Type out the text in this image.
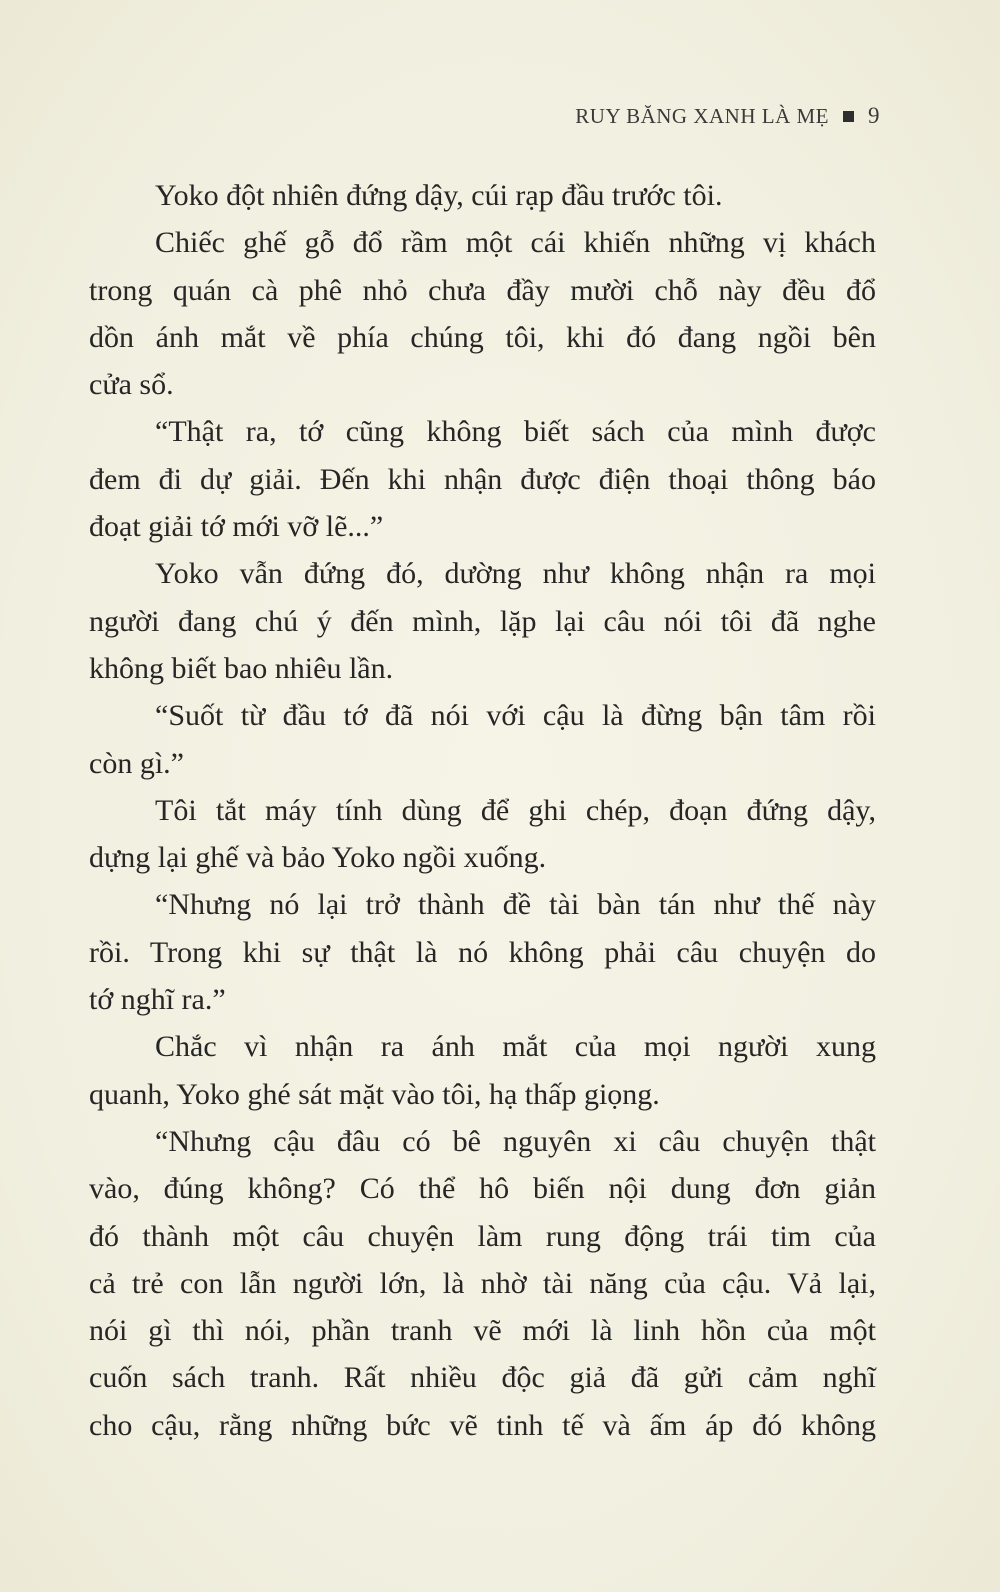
RUY BĂNG XANH LÀ MẸ 9
Yoko đột nhiên đứng dậy, cúi rạp đầu trước tôi.
Chiếc ghế gỗ đổ rầm một cái khiến những vị khách
trong quán cà phê nhỏ chưa đầy mười chỗ này đều đổ
dồn ánh mắt về phía chúng tôi, khi đó đang ngồi bên
cửa sổ.
“Thật ra, tớ cũng không biết sách của mình được
đem đi dự giải. Đến khi nhận được điện thoại thông báo
đoạt giải tớ mới vỡ lẽ...”
Yoko vẫn đứng đó, dường như không nhận ra mọi
người đang chú ý đến mình, lặp lại câu nói tôi đã nghe
không biết bao nhiêu lần.
“Suốt từ đầu tớ đã nói với cậu là đừng bận tâm rồi
còn gì.”
Tôi tắt máy tính dùng để ghi chép, đoạn đứng dậy,
dựng lại ghế và bảo Yoko ngồi xuống.
“Nhưng nó lại trở thành đề tài bàn tán như thế này
rồi. Trong khi sự thật là nó không phải câu chuyện do
tớ nghĩ ra.”
Chắc vì nhận ra ánh mắt của mọi người xung
quanh, Yoko ghé sát mặt vào tôi, hạ thấp giọng.
“Nhưng cậu đâu có bê nguyên xi câu chuyện thật
vào, đúng không? Có thể hô biến nội dung đơn giản
đó thành một câu chuyện làm rung động trái tim của
cả trẻ con lẫn người lớn, là nhờ tài năng của cậu. Vả lại,
nói gì thì nói, phần tranh vẽ mới là linh hồn của một
cuốn sách tranh. Rất nhiều độc giả đã gửi cảm nghĩ
cho cậu, rằng những bức vẽ tinh tế và ấm áp đó không
